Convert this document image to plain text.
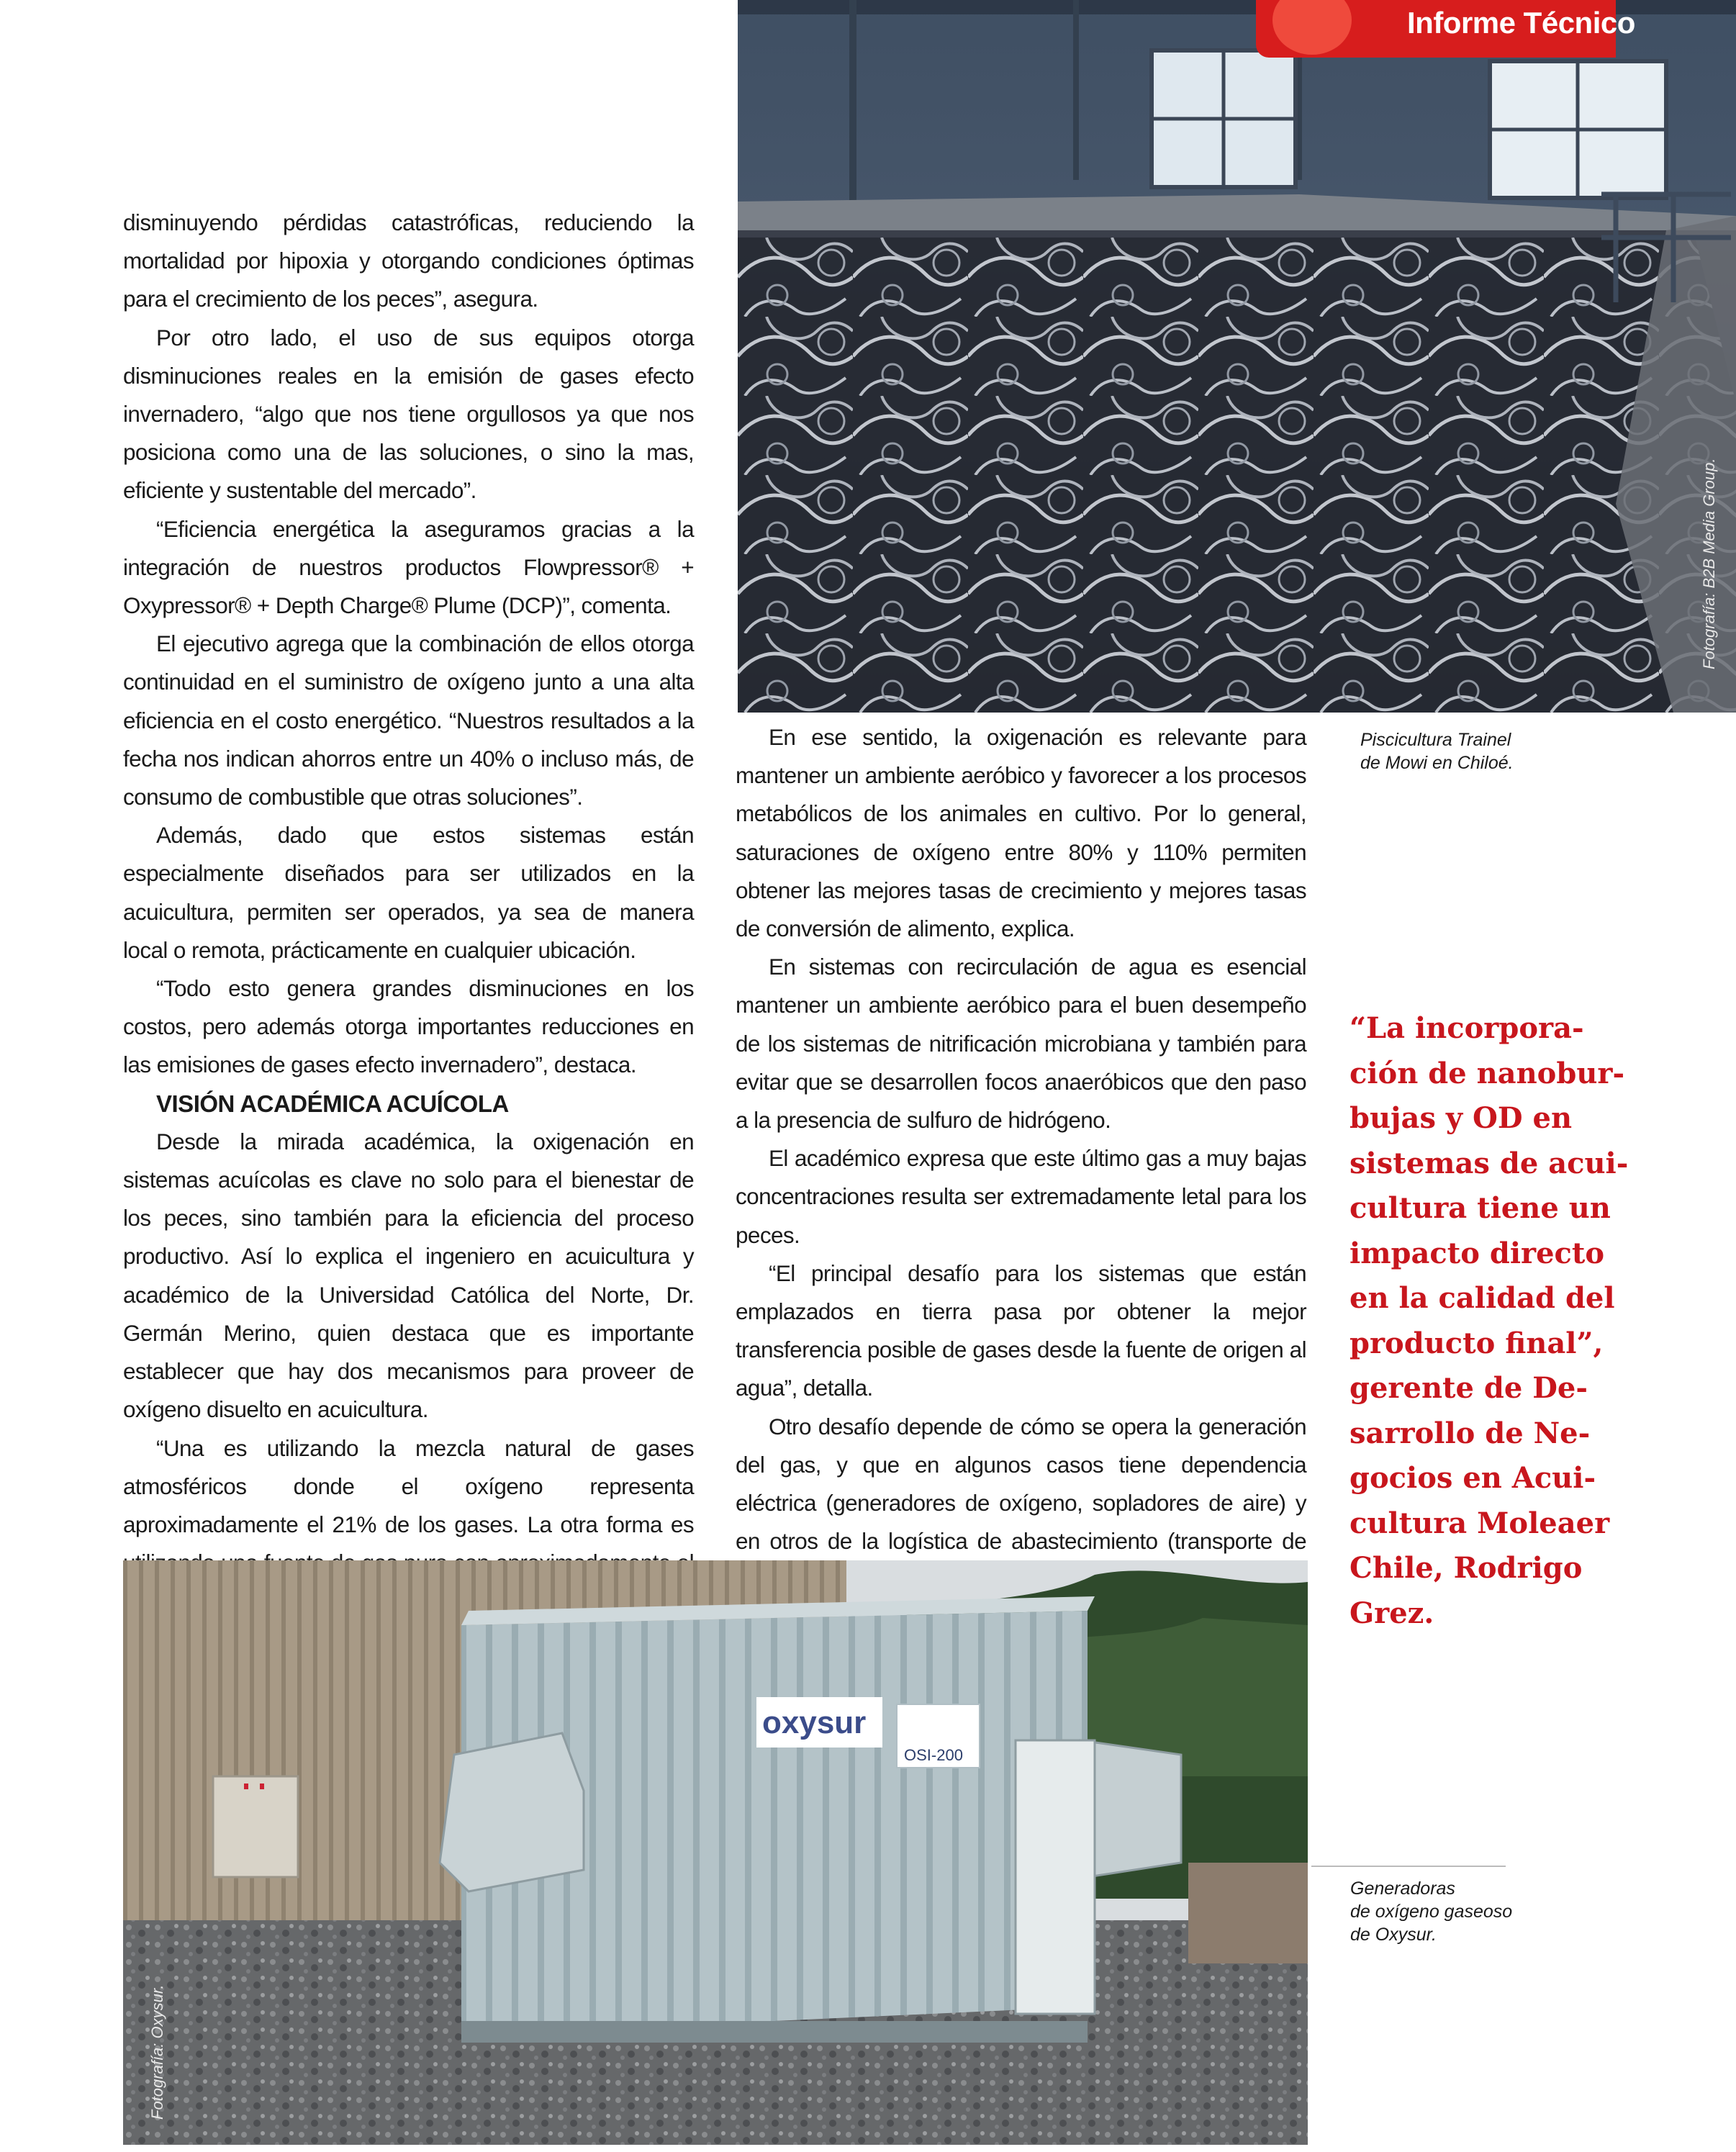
Fotografía: B2B Media Group.
Informe Técnico

disminuyendo pérdidas catastróficas, reduciendo la mortalidad por hipoxia y otorgando condiciones óptimas para el crecimiento de los peces”, asegura.

Por otro lado, el uso de sus equipos otorga disminuciones reales en la emisión de gases efecto invernadero, “algo que nos tiene orgullosos ya que nos posiciona como una de las soluciones, o sino la mas, eficiente y sustentable del mercado”.

“Eficiencia energética la aseguramos gracias a la integración de nuestros productos Flowpressor® + Oxypressor® + Depth Charge® Plume (DCP)”, comenta.

El ejecutivo agrega que la combinación de ellos otorga continuidad en el suministro de oxígeno junto a una alta eficiencia en el costo energético. “Nuestros resultados a la fecha nos indican ahorros entre un 40% o incluso más, de consumo de combustible que otras soluciones”.

Además, dado que estos sistemas están especialmente diseñados para ser utilizados en la acuicultura, permiten ser operados, ya sea de manera local o remota, prácticamente en cualquier ubicación.

“Todo esto genera grandes disminuciones en los costos, pero además otorga importantes reducciones en las emisiones de gases efecto invernadero”, destaca.

VISIÓN ACADÉMICA ACUÍCOLA

Desde la mirada académica, la oxigenación en sistemas acuícolas es clave no solo para el bienestar de los peces, sino también para la eficiencia del proceso productivo. Así lo explica el ingeniero en acuicultura y académico de la Universidad Católica del Norte, Dr. Germán Merino, quien destaca que es importante establecer que hay dos mecanismos para proveer de oxígeno disuelto en acuicultura.

“Una es utilizando la mezcla natural de gases atmosféricos donde el oxígeno representa aproximadamente el 21% de los gases. La otra forma es

En ese sentido, la oxigenación es relevante para mantener un ambiente aeróbico y favorecer a los procesos metabólicos de los animales en cultivo. Por lo general, saturaciones de oxígeno entre 80% y 110% permiten obtener las mejores tasas de crecimiento y mejores tasas de conversión de alimento, explica.

En sistemas con recirculación de agua es esencial mantener un ambiente aeróbico para el buen desempeño de los sistemas de nitrificación microbiana y también para evitar que se desarrollen focos anaeróbicos que den paso a la presencia de sulfuro de hidrógeno.

El académico expresa que este último gas a muy bajas concentraciones resulta ser extremadamente letal para los peces.

“El principal desafío para los sistemas que están emplazados en tierra pasa por obtener la mejor transferencia posible de gases desde la fuente de origen al agua”, detalla.

Otro desafío depende de cómo se opera la generación del gas, y que en algunos casos tiene dependencia eléctrica (generadores de oxígeno, sopladores de aire) y en otros de la logística de abastecimiento (transporte de

Piscicultura Trainel
de Mowi en Chiloé.
“La incorpora-
ción de nanobur-
bujas y OD en
sistemas de acui-
cultura tiene un
impacto directo
en la calidad del
producto final”,
gerente de De-
sarrollo de Ne-
gocios en Acui-
cultura Moleaer
Chile, Rodrigo
Grez.
oxysur
OSI-200
Fotografía: Oxysur.
Generadoras
de oxígeno gaseoso
de Oxysur.
